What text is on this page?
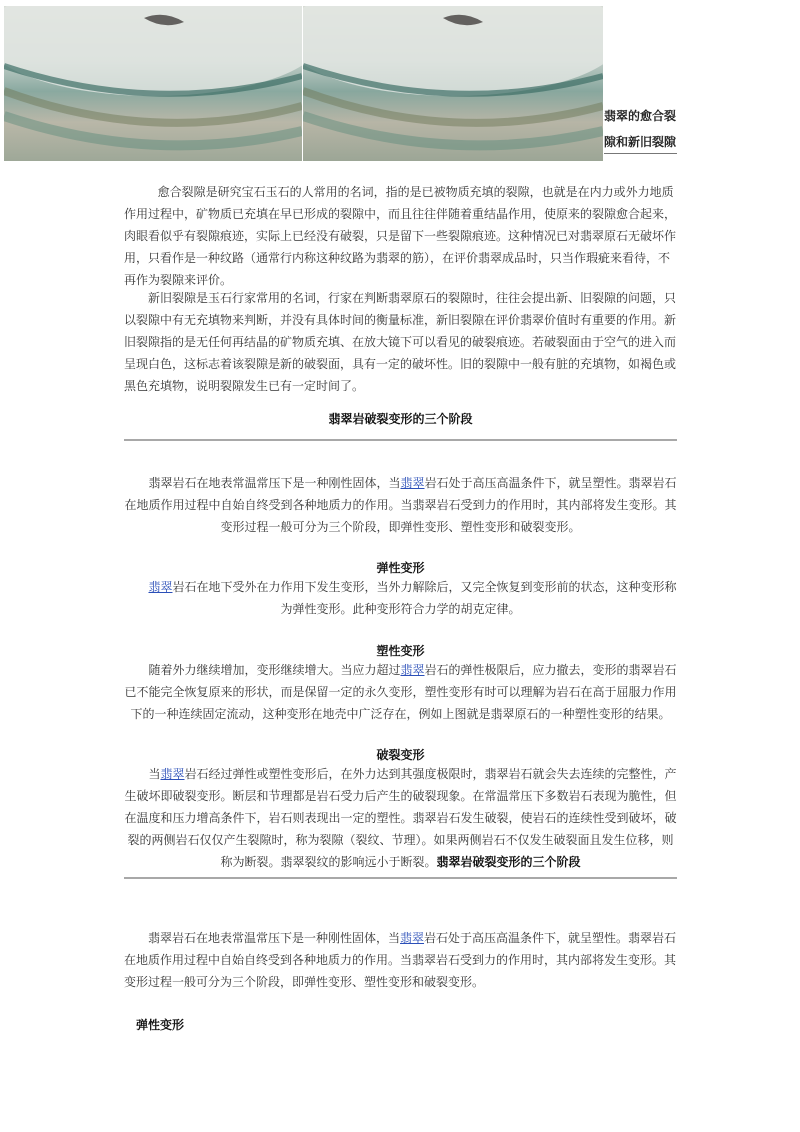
翡翠的愈合裂
隙和新旧裂隙

愈合裂隙是研究宝石玉石的人常用的名词，指的是已被物质充填的裂隙，也就是在内力或外力地质作用过程中，矿物质已充填在早已形成的裂隙中，而且往往伴随着重结晶作用，使原来的裂隙愈合起来，肉眼看似乎有裂隙痕迹，实际上已经没有破裂，只是留下一些裂隙痕迹。这种情况已对翡翠原石无破坏作用，只看作是一种纹路（通常行内称这种纹路为翡翠的筋），在评价翡翠成品时，只当作瑕疵来看待，不再作为裂隙来评价。

新旧裂隙是玉石行家常用的名词，行家在判断翡翠原石的裂隙时，往往会提出新、旧裂隙的问题，只以裂隙中有无充填物来判断，并没有具体时间的衡量标准，新旧裂隙在评价翡翠价值时有重要的作用。新旧裂隙指的是无任何再结晶的矿物质充填、在放大镜下可以看见的破裂痕迹。若破裂面由于空气的进入而呈现白色，这标志着该裂隙是新的破裂面，具有一定的破坏性。旧的裂隙中一般有脏的充填物，如褐色或黑色充填物，说明裂隙发生已有一定时间了。

翡翠岩破裂变形的三个阶段

翡翠岩石在地表常温常压下是一种刚性固体，当翡翠岩石处于高压高温条件下，就呈塑性。翡翠岩石在地质作用过程中自始自终受到各种地质力的作用。当翡翠岩石受到力的作用时，其内部将发生变形。其变形过程一般可分为三个阶段，即弹性变形、塑性变形和破裂变形。

弹性变形

翡翠岩石在地下受外在力作用下发生变形，当外力解除后，又完全恢复到变形前的状态，这种变形称为弹性变形。此种变形符合力学的胡克定律。

塑性变形

随着外力继续增加，变形继续增大。当应力超过翡翠岩石的弹性极限后，应力撤去，变形的翡翠岩石已不能完全恢复原来的形状，而是保留一定的永久变形，塑性变形有时可以理解为岩石在高于屈服力作用下的一种连续固定流动，这种变形在地壳中广泛存在，例如上图就是翡翠原石的一种塑性变形的结果。

破裂变形

当翡翠岩石经过弹性或塑性变形后，在外力达到其强度极限时，翡翠岩石就会失去连续的完整性，产生破坏即破裂变形。断层和节理都是岩石受力后产生的破裂现象。在常温常压下多数岩石表现为脆性，但在温度和压力增高条件下，岩石则表现出一定的塑性。翡翠岩石发生破裂，使岩石的连续性受到破坏，破裂的两侧岩石仅仅产生裂隙时，称为裂隙（裂纹、节理）。如果两侧岩石不仅发生破裂面且发生位移，则称为断裂。翡翠裂纹的影响远小于断裂。翡翠岩破裂变形的三个阶段

翡翠岩石在地表常温常压下是一种刚性固体，当翡翠岩石处于高压高温条件下，就呈塑性。翡翠岩石在地质作用过程中自始自终受到各种地质力的作用。当翡翠岩石受到力的作用时，其内部将发生变形。其变形过程一般可分为三个阶段，即弹性变形、塑性变形和破裂变形。

弹性变形
